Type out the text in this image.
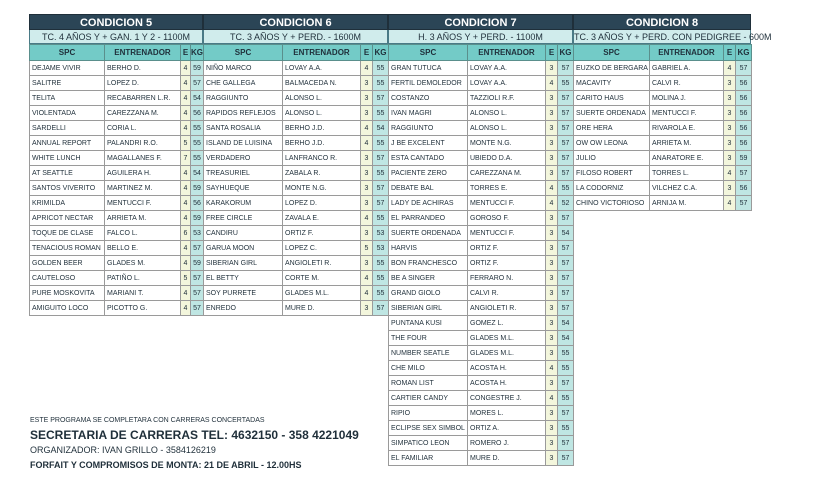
CONDICION 5
TC. 4 AÑOS Y + GAN. 1 Y 2 - 1100M
SPC	ENTRENADOR	E	KG
DEJAME VIVIR	BERHO D.	4	59
SALITRE	LOPEZ D.	4	57
TELITA	RECABARREN L.R.	4	54
VIOLENTADA	CAREZZANA M.	4	56
SARDELLI	CORIA L.	4	55
ANNUAL REPORT	PALANDRI R.O.	5	55
WHITE LUNCH	MAGALLANES F.	7	55
AT SEATTLE	AGUILERA H.	4	54
SANTOS VIVERITO	MARTINEZ M.	4	59
KRIMILDA	MENTUCCI F.	4	56
APRICOT NECTAR	ARRIETA M.	4	59
TOQUE DE CLASE	FALCO L.	6	53
TENACIOUS ROMAN	BELLO E.	4	57
GOLDEN BEER	GLADES M.	4	59
CAUTELOSO	PATIÑO L.	5	57
PURE MOSKOVITA	MARIANI T.	4	57
AMIGUITO LOCO	PICOTTO G.	4	57
CONDICION 6
TC. 3 AÑOS Y + PERD. - 1600M
SPC	ENTRENADOR	E	KG
NIÑO MARCO	LOVAY A.A.	4	55
CHE GALLEGA	BALMACEDA N.	3	55
RAGGIUNTO	ALONSO L.	3	57
RAPIDOS REFLEJOS	ALONSO L.	3	55
SANTA ROSALIA	BERHO J.D.	4	54
ISLAND DE LUISINA	BERHO J.D.	4	55
VERDADERO	LANFRANCO R.	3	57
TREASURIEL	ZABALA R.	3	55
SAYHUEQUE	MONTE N.G.	3	57
KARAKORUM	LOPEZ D.	3	57
FREE CIRCLE	ZAVALA E.	4	55
CANDIRU	ORTIZ F.	3	53
GARUA MOON	LOPEZ C.	5	53
SIBERIAN GIRL	ANGIOLETI R.	3	55
EL BETTY	CORTE M.	4	55
SOY PURRETE	GLADES M.L.	4	55
ENREDO	MURE D.	3	57
CONDICION 7
H. 3 AÑOS Y + PERD. - 1100M
SPC	ENTRENADOR	E	KG
GRAN TUTUCA	LOVAY A.A.	3	57
FERTIL DEMOLEDOR	LOVAY A.A.	4	55
COSTANZO	TAZZIOLI R.F.	3	57
IVAN MAGRI	ALONSO L.	3	57
RAGGIUNTO	ALONSO L.	3	57
J BE EXCELENT	MONTE N.G.	3	57
ESTA CANTADO	UBIEDO D.A.	3	57
PACIENTE ZERO	CAREZZANA M.	3	57
DEBATE BAL	TORRES E.	4	55
LADY DE ACHIRAS	MENTUCCI F.	4	52
EL PARRANDEO	GOROSO F.	3	57
SUERTE ORDENADA	MENTUCCI F.	3	54
HARVIS	ORTIZ F.	3	57
BON FRANCHESCO	ORTIZ F.	3	57
BE A SINGER	FERRARO N.	3	57
GRAND GIOLO	CALVI R.	3	57
SIBERIAN GIRL	ANGIOLETI R.	3	57
PUNTANA KUSI	GOMEZ L.	3	54
THE FOUR	GLADES M.L.	3	54
NUMBER SEATLE	GLADES M.L.	3	55
CHE MILO	ACOSTA H.	4	55
ROMAN LIST	ACOSTA H.	3	57
CARTIER CANDY	CONGESTRE J.	4	55
RIPIO	MORES L.	3	57
ECLIPSE SEX SIMBOL	ORTIZ A.	3	55
SIMPATICO LEON	ROMERO J.	3	57
EL FAMILIAR	MURE D.	3	57
CONDICION 8
TC. 3 AÑOS Y + PERD. CON PEDIGREE - 600M
SPC	ENTRENADOR	E	KG
EUZKO DE BERGARA	GABRIEL A.	4	57
MACAVITY	CALVI R.	3	56
CARITO HAUS	MOLINA J.	3	56
SUERTE ORDENADA	MENTUCCI F.	3	56
ORE HERA	RIVAROLA E.	3	56
OW OW LEONA	ARRIETA M.	3	56
JULIO	ANARATORE E.	3	59
FILOSO ROBERT	TORRES L.	4	57
LA CODORNIZ	VILCHEZ C.A.	3	56
CHINO VICTORIOSO	ARNIJA M.	4	57
ESTE PROGRAMA SE COMPLETARA CON CARRERAS CONCERTADAS
SECRETARIA DE CARRERAS TEL: 4632150 - 358 4221049
ORGANIZADOR: IVAN GRILLO - 3584126219
FORFAIT Y COMPROMISOS DE MONTA: 21 DE ABRIL - 12.00HS
